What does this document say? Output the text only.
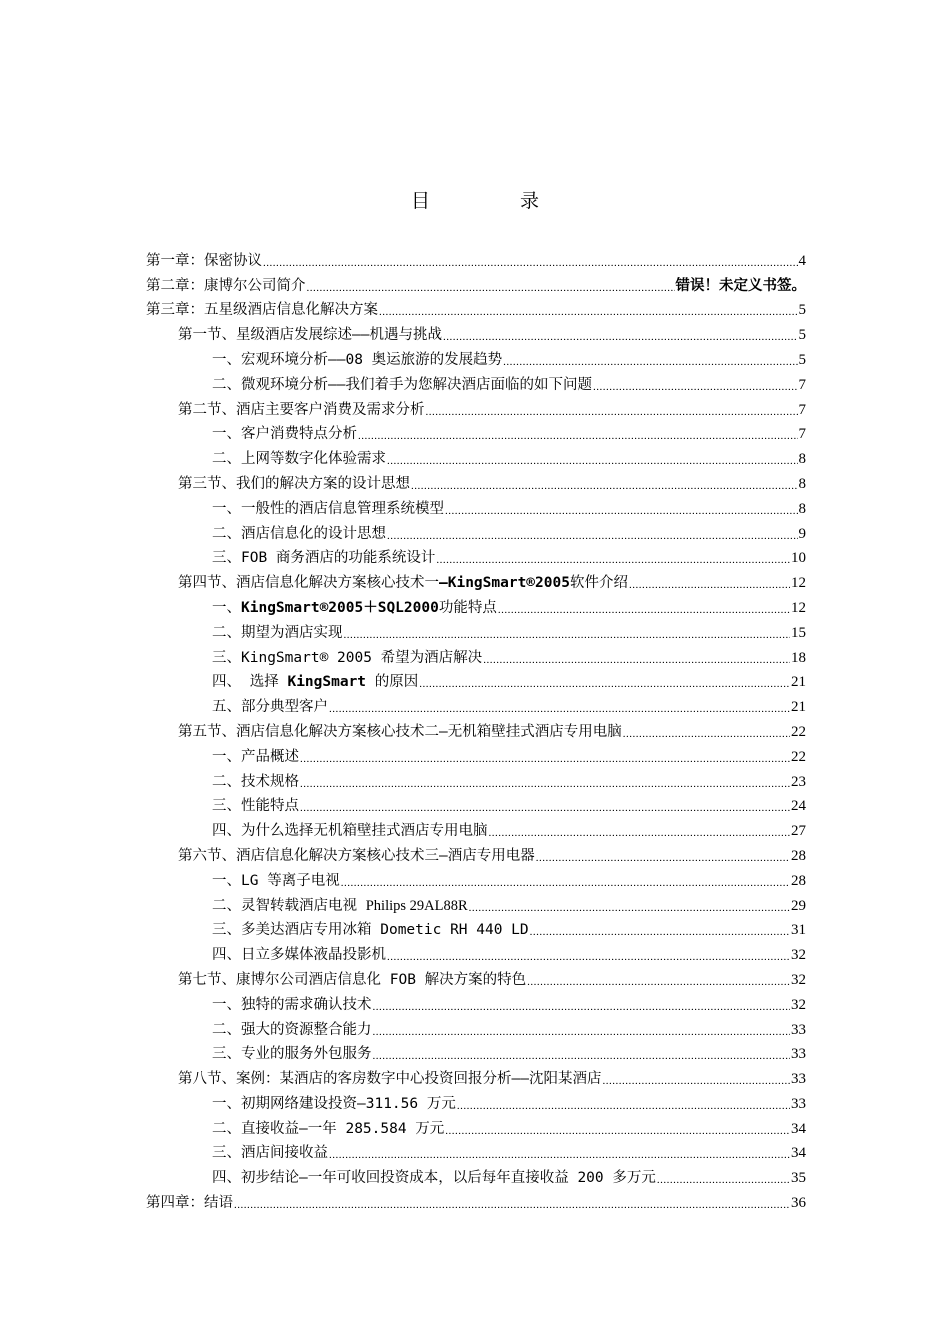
目	录
第一章：保密协议 .....	4
第二章：康博尔公司简介 .....	错误！未定义书签。
第三章：五星级酒店信息化解决方案 .....	5
第一节、星级酒店发展综述——机遇与挑战 .....	5
一、宏观环境分析——08 奥运旅游的发展趋势 .....	5
二、微观环境分析——我们着手为您解决酒店面临的如下问题 .....	7
第二节、酒店主要客户消费及需求分析 .....	7
一、客户消费特点分析 .....	7
二、上网等数字化体验需求 .....	8
第三节、我们的解决方案的设计思想 .....	8
一、一般性的酒店信息管理系统模型 .....	8
二、酒店信息化的设计思想 .....	9
三、FOB 商务酒店的功能系统设计 .....	10
第四节、酒店信息化解决方案核心技术一—KingSmart®2005软件介绍 .....	12
一、KingSmart®2005＋SQL2000功能特点 .....	12
二、期望为酒店实现 .....	15
三、KingSmart® 2005 希望为酒店解决 .....	18
四、 选择 KingSmart 的原因 .....	21
五、部分典型客户 .....	21
第五节、酒店信息化解决方案核心技术二—无机箱壁挂式酒店专用电脑 .....	22
一、产品概述 .....	22
二、技术规格 .....	23
三、性能特点 .....	24
四、为什么选择无机箱壁挂式酒店专用电脑 .....	27
第六节、酒店信息化解决方案核心技术三—酒店专用电器 .....	28
一、LG 等离子电视 .....	28
二、灵智转载酒店电视 Philips 29AL88R .....	29
三、多美达酒店专用冰箱 Dometic RH 440 LD .....	31
四、日立多媒体液晶投影机 .....	32
第七节、康博尔公司酒店信息化 FOB 解决方案的特色 .....	32
一、独特的需求确认技术 .....	32
二、强大的资源整合能力 .....	33
三、专业的服务外包服务 .....	33
第八节、案例：某酒店的客房数字中心投资回报分析——沈阳某酒店 .....	33
一、初期网络建设投资—311.56 万元 .....	33
二、直接收益—一年 285.584 万元 .....	34
三、酒店间接收益 .....	34
四、初步结论—一年可收回投资成本，以后每年直接收益 200 多万元 .....	35
第四章：结语 .....	36
